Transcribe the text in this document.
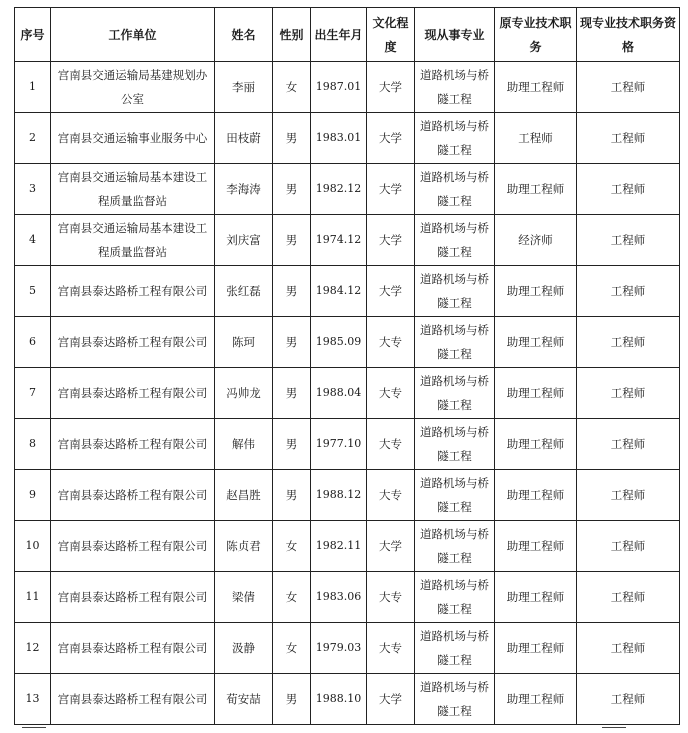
序号	工作单位	姓名	性别	出生年月	文化程度	现从事专业	原专业技术职务	现专业技术职务资格
1	宫南县交通运输局基建规划办公室	李丽	女	1987.01	大学	道路机场与桥隧工程	助理工程师	工程师
2	宫南县交通运输事业服务中心	田枝蔚	男	1983.01	大学	道路机场与桥隧工程	工程师	工程师
3	宫南县交通运输局基本建设工程质量监督站	李海涛	男	1982.12	大学	道路机场与桥隧工程	助理工程师	工程师
4	宫南县交通运输局基本建设工程质量监督站	刘庆富	男	1974.12	大学	道路机场与桥隧工程	经济师	工程师
5	宫南县泰达路桥工程有限公司	张红磊	男	1984.12	大学	道路机场与桥隧工程	助理工程师	工程师
6	宫南县泰达路桥工程有限公司	陈珂	男	1985.09	大专	道路机场与桥隧工程	助理工程师	工程师
7	宫南县泰达路桥工程有限公司	冯帅龙	男	1988.04	大专	道路机场与桥隧工程	助理工程师	工程师
8	宫南县泰达路桥工程有限公司	解伟	男	1977.10	大专	道路机场与桥隧工程	助理工程师	工程师
9	宫南县泰达路桥工程有限公司	赵昌胜	男	1988.12	大专	道路机场与桥隧工程	助理工程师	工程师
10	宫南县泰达路桥工程有限公司	陈贞君	女	1982.11	大学	道路机场与桥隧工程	助理工程师	工程师
11	宫南县泰达路桥工程有限公司	梁倩	女	1983.06	大专	道路机场与桥隧工程	助理工程师	工程师
12	宫南县泰达路桥工程有限公司	汲静	女	1979.03	大专	道路机场与桥隧工程	助理工程师	工程师
13	宫南县泰达路桥工程有限公司	荀安喆	男	1988.10	大学	道路机场与桥隧工程	助理工程师	工程师
